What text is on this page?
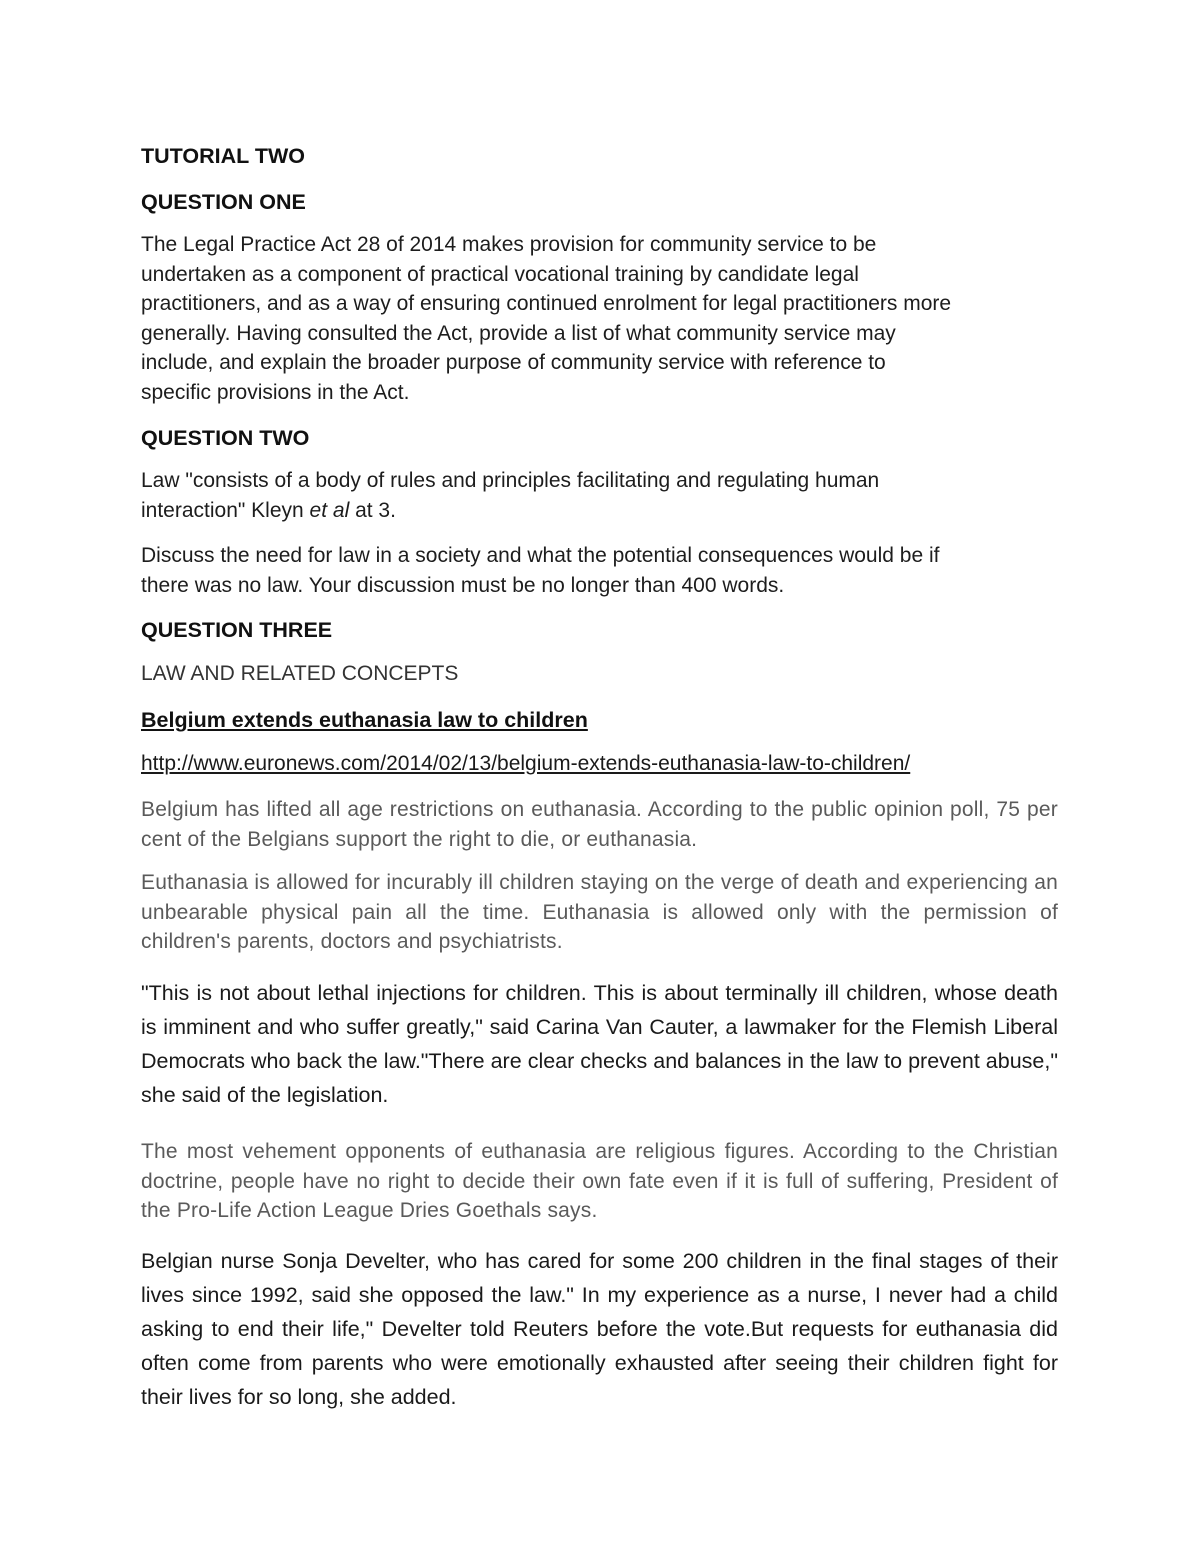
TUTORIAL TWO
QUESTION ONE
The Legal Practice Act 28 of 2014 makes provision for community service to be
undertaken as a component of practical vocational training by candidate legal
practitioners, and as a way of ensuring continued enrolment for legal practitioners more
generally. Having consulted the Act, provide a list of what community service may
include, and explain the broader purpose of community service with reference to
specific provisions in the Act.
QUESTION TWO
Law "consists of a body of rules and principles facilitating and regulating human
interaction" Kleyn et al at 3.
Discuss the need for law in a society and what the potential consequences would be if
there was no law. Your discussion must be no longer than 400 words.
QUESTION THREE
LAW AND RELATED CONCEPTS
Belgium extends euthanasia law to children
http://www.euronews.com/2014/02/13/belgium-extends-euthanasia-law-to-children/

Belgium has lifted all age restrictions on euthanasia. According to the public opinion poll, 75 per cent of the Belgians support the right to die, or euthanasia.

Euthanasia is allowed for incurably ill children staying on the verge of death and experiencing an unbearable physical pain all the time. Euthanasia is allowed only with the permission of children's parents, doctors and psychiatrists.

"This is not about lethal injections for children. This is about terminally ill children, whose death is imminent and who suffer greatly," said Carina Van Cauter, a lawmaker for the Flemish Liberal Democrats who back the law."There are clear checks and balances in the law to prevent abuse," she said of the legislation.

The most vehement opponents of euthanasia are religious figures. According to the Christian doctrine, people have no right to decide their own fate even if it is full of suffering, President of the Pro-Life Action League Dries Goethals says.

Belgian nurse Sonja Develter, who has cared for some 200 children in the final stages of their lives since 1992, said she opposed the law." In my experience as a nurse, I never had a child asking to end their life," Develter told Reuters before the vote.But requests for euthanasia did often come from parents who were emotionally exhausted after seeing their children fight for their lives for so long, she added.
